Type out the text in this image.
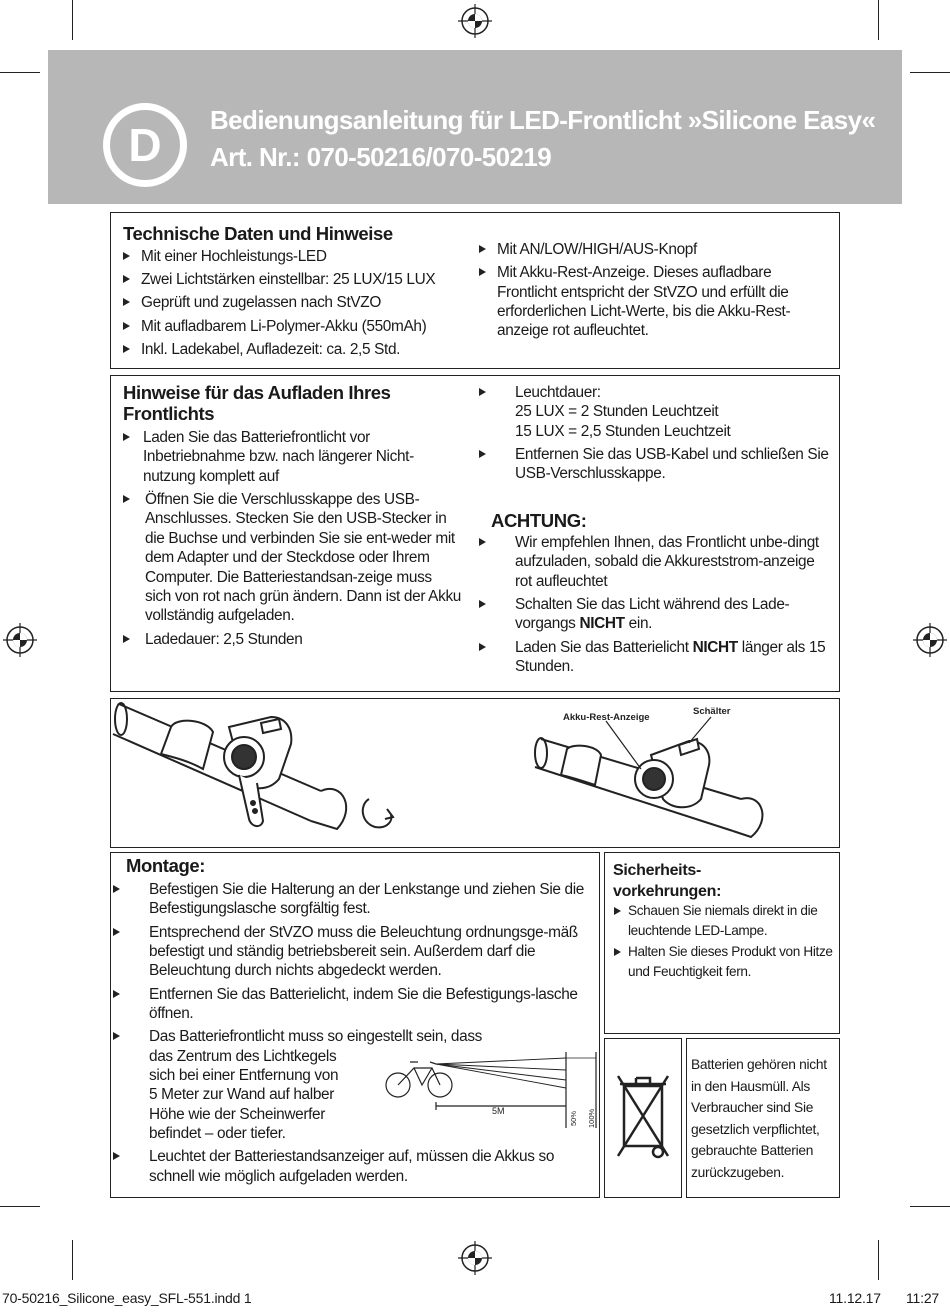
D	Bedienungsanleitung für LED-Frontlicht »Silicone Easy«
Art. Nr.: 070-50216/070-50219
Technische Daten und Hinweise
Mit einer Hochleistungs-LED
Zwei Lichtstärken einstellbar: 25 LUX/15 LUX
Geprüft und zugelassen nach StVZO
Mit aufladbarem Li-Polymer-Akku (550mAh)
Inkl. Ladekabel, Aufladezeit: ca. 2,5 Std.
Mit AN/LOW/HIGH/AUS-Knopf
Mit Akku-Rest-Anzeige. Dieses aufladbare Frontlicht entspricht der StVZO und erfüllt die erforderlichen Licht-Werte, bis die Akku-Rest-anzeige rot aufleuchtet.
Hinweise für das Aufladen Ihres Frontlichts
Laden Sie das Batteriefrontlicht vor Inbetriebnahme bzw. nach längerer Nicht-nutzung komplett auf
Öffnen Sie die Verschlusskappe des USB-Anschlusses. Stecken Sie den USB-Stecker in die Buchse und verbinden Sie sie ent-weder mit dem Adapter und der Steckdose oder Ihrem Computer. Die Batteriestandsan-zeige muss sich von rot nach grün ändern. Dann ist der Akku vollständig aufgeladen.
Ladedauer: 2,5 Stunden
Leuchtdauer:
25 LUX = 2 Stunden Leuchtzeit
15 LUX = 2,5 Stunden Leuchtzeit
Entfernen Sie das USB-Kabel und schließen Sie USB-Verschlusskappe.
ACHTUNG:
Wir empfehlen Ihnen, das Frontlicht unbe-dingt aufzuladen, sobald die Akkureststrom-anzeige rot aufleuchtet
Schalten Sie das Licht während des Lade-vorgangs NICHT ein.
Laden Sie das Batterielicht NICHT länger als 15 Stunden.
Akku-Rest-Anzeige
Schälter
Montage:
Befestigen Sie die Halterung an der Lenkstange und ziehen Sie die Befestigungslasche sorgfältig fest.
Entsprechend der StVZO muss die Beleuchtung ordnungsge-mäß befestigt und ständig betriebsbereit sein. Außerdem darf die Beleuchtung durch nichts abgedeckt werden.
Entfernen Sie das Batterielicht, indem Sie die Befestigungs-lasche öffnen.
Das Batteriefrontlicht muss so eingestellt sein, dass
das Zentrum des Lichtkegels
sich bei einer Entfernung von
5 Meter zur Wand auf halber
Höhe wie der Scheinwerfer
befindet – oder tiefer.
Leuchtet der Batteriestandsanzeiger auf, müssen die Akkus so schnell wie möglich aufgeladen werden.
5M	50% 100%
Sicherheits-
vorkehrungen:
Schauen Sie niemals direkt in die leuchtende LED-Lampe.
Halten Sie dieses Produkt von Hitze und Feuchtigkeit fern.
Batterien gehören nicht in den Hausmüll. Als Verbraucher sind Sie gesetzlich verpflichtet, gebrauchte Batterien zurückzugeben.
70-50216_Silicone_easy_SFL-551.indd 1	11.12.17 11:27
